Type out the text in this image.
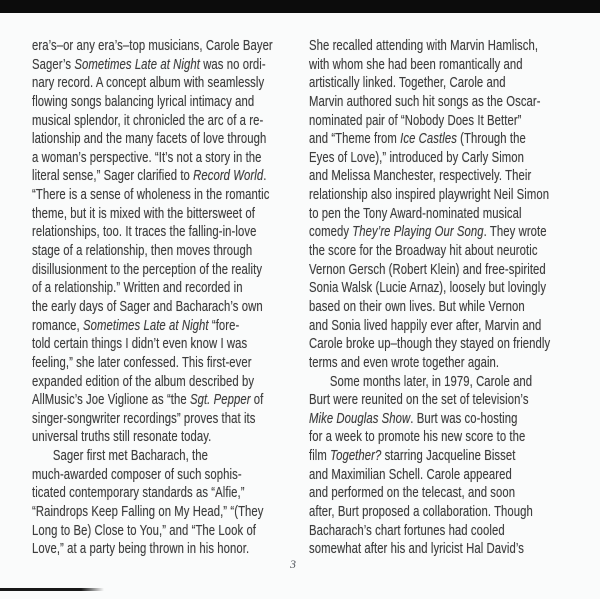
era’s–or any era’s–top musicians, Carole Bayer
Sager’s Sometimes Late at Night was no ordi-
nary record. A concept album with seamlessly
flowing songs balancing lyrical intimacy and
musical splendor, it chronicled the arc of a re-
lationship and the many facets of love through
a woman’s perspective. “It’s not a story in the
literal sense,” Sager clarified to Record World.
“There is a sense of wholeness in the romantic
theme, but it is mixed with the bittersweet of
relationships, too. It traces the falling-in-love
stage of a relationship, then moves through
disillusionment to the perception of the reality
of a relationship.” Written and recorded in
the early days of Sager and Bacharach’s own
romance, Sometimes Late at Night “fore-
told certain things I didn’t even know I was
feeling,” she later confessed. This first-ever
expanded edition of the album described by
AllMusic’s Joe Viglione as “the Sgt. Pepper of
singer-songwriter recordings” proves that its
universal truths still resonate today.
Sager first met Bacharach, the
much-awarded composer of such sophis-
ticated contemporary standards as “Alfie,”
“Raindrops Keep Falling on My Head,” “(They
Long to Be) Close to You,” and “The Look of
Love,” at a party being thrown in his honor.
She recalled attending with Marvin Hamlisch,
with whom she had been romantically and
artistically linked. Together, Carole and
Marvin authored such hit songs as the Oscar-
nominated pair of “Nobody Does It Better”
and “Theme from Ice Castles (Through the
Eyes of Love),” introduced by Carly Simon
and Melissa Manchester, respectively. Their
relationship also inspired playwright Neil Simon
to pen the Tony Award-nominated musical
comedy They’re Playing Our Song. They wrote
the score for the Broadway hit about neurotic
Vernon Gersch (Robert Klein) and free-spirited
Sonia Walsk (Lucie Arnaz), loosely but lovingly
based on their own lives. But while Vernon
and Sonia lived happily ever after, Marvin and
Carole broke up–though they stayed on friendly
terms and even wrote together again.
Some months later, in 1979, Carole and
Burt were reunited on the set of television’s
Mike Douglas Show. Burt was co-hosting
for a week to promote his new score to the
film Together? starring Jacqueline Bisset
and Maximilian Schell. Carole appeared
and performed on the telecast, and soon
after, Burt proposed a collaboration. Though
Bacharach’s chart fortunes had cooled
somewhat after his and lyricist Hal David’s
3
